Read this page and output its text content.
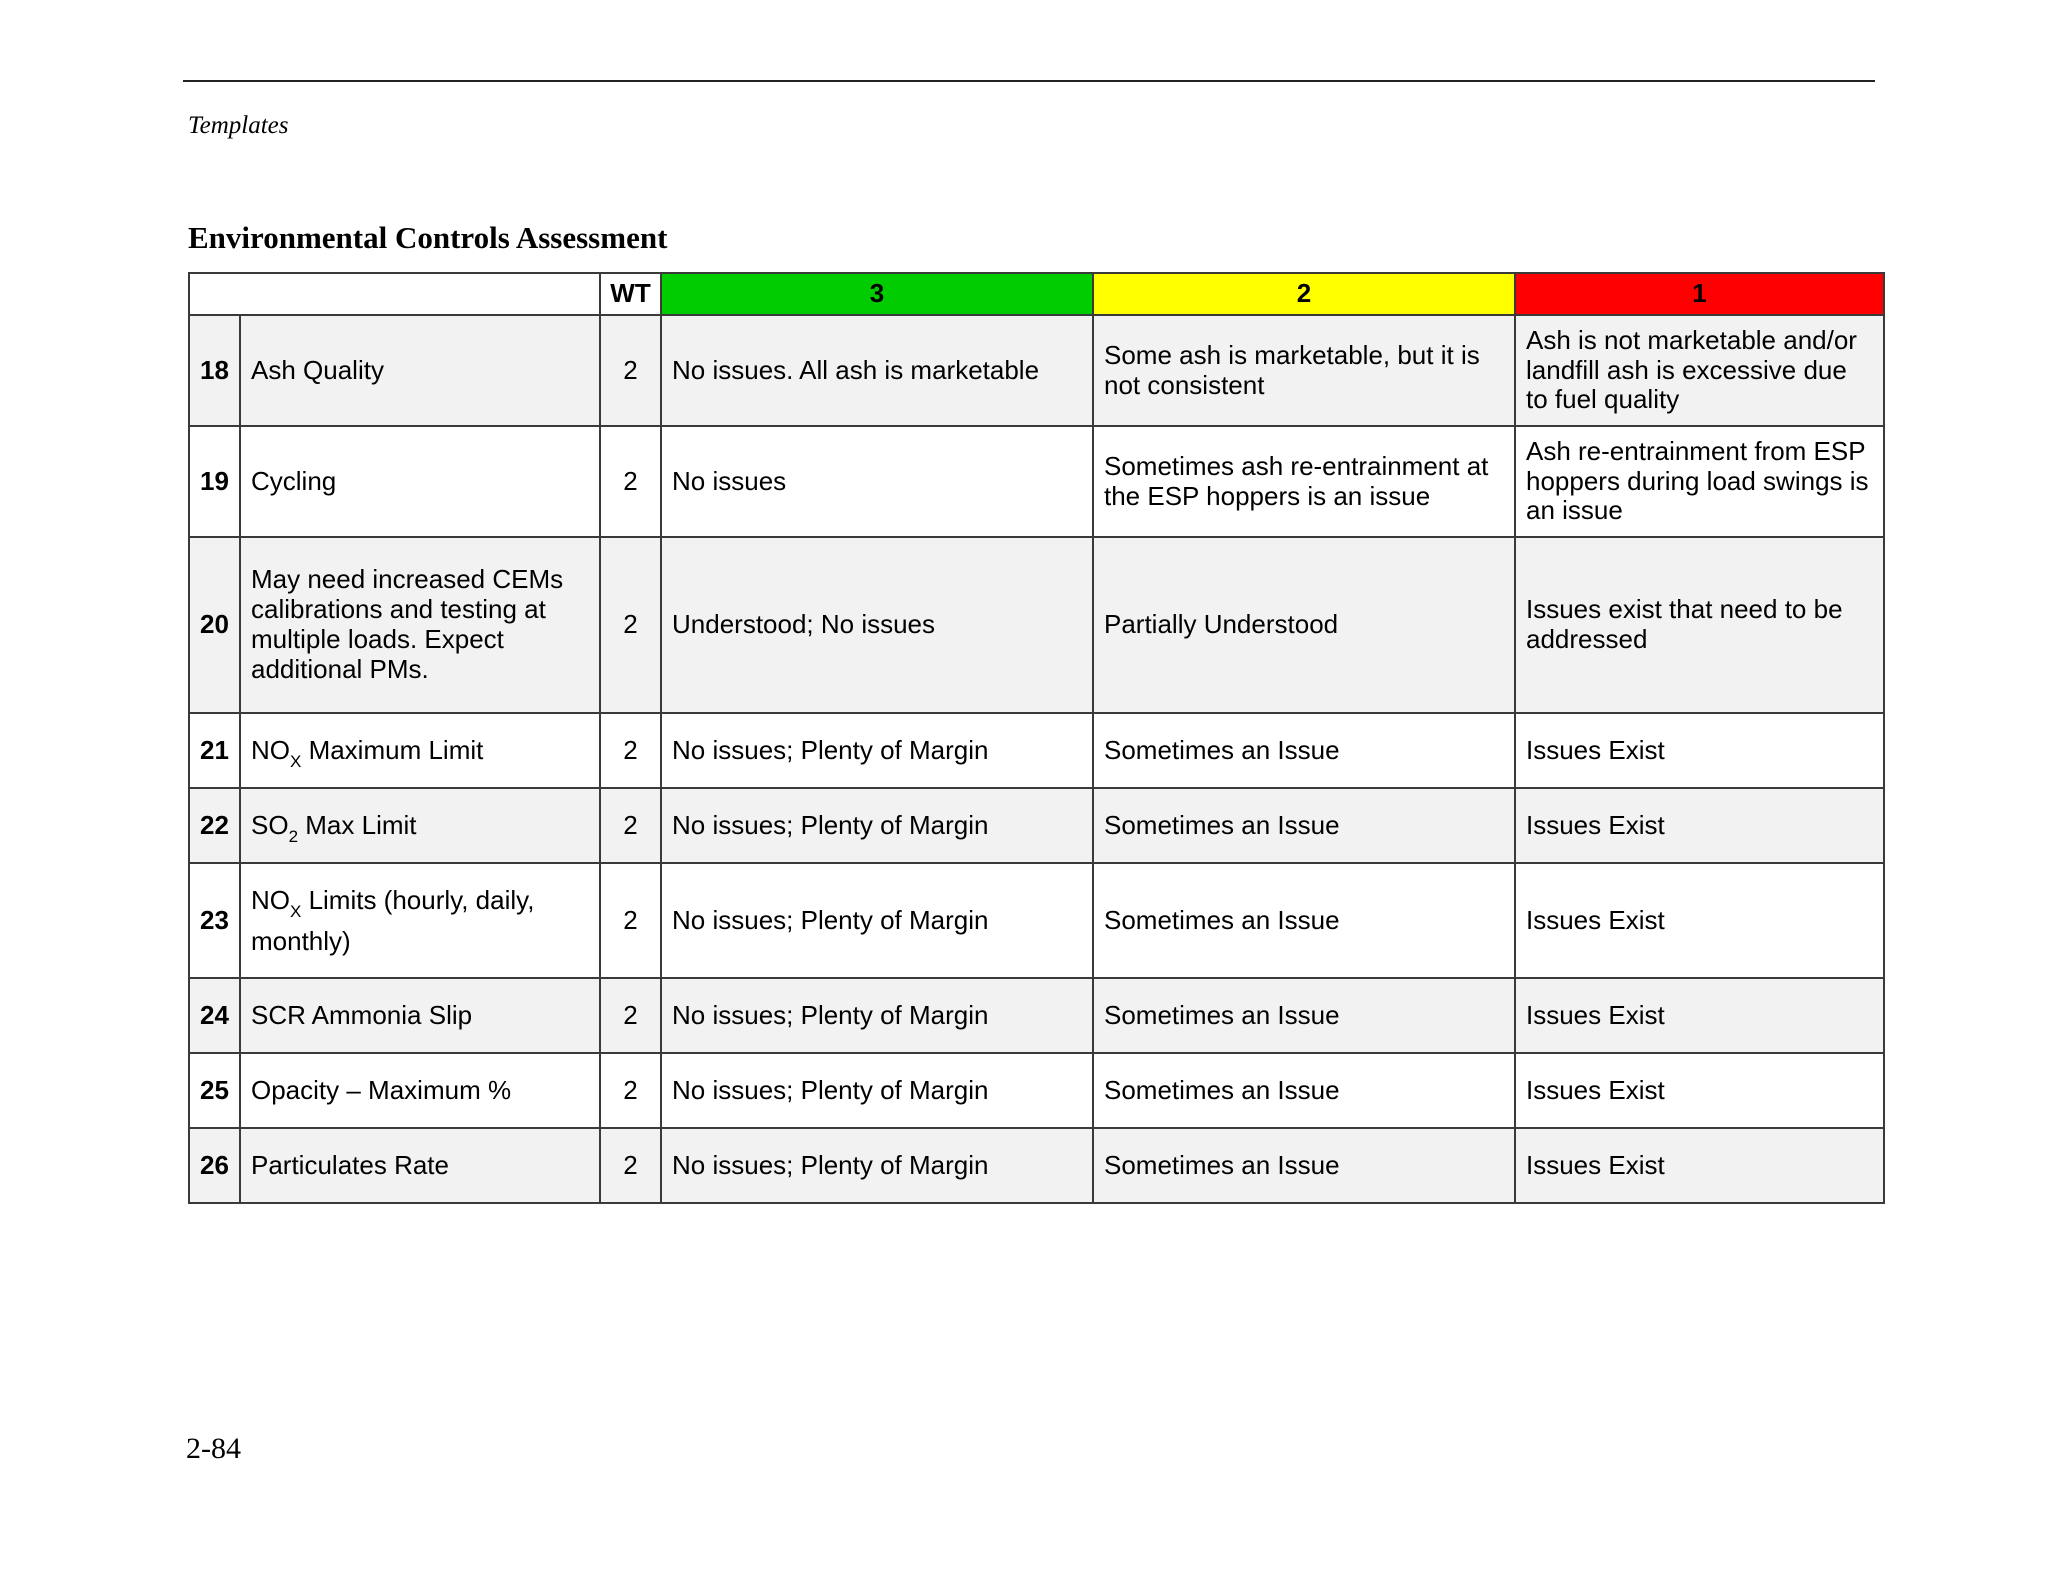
Templates
Environmental Controls Assessment
		WT	3	2	1
18	Ash Quality	2	No issues. All ash is marketable	Some ash is marketable, but it is not consistent	Ash is not marketable and/or landfill ash is excessive due to fuel quality
19	Cycling	2	No issues	Sometimes ash re-entrainment at the ESP hoppers is an issue	Ash re-entrainment from ESP hoppers during load swings is an issue
20	May need increased CEMs calibrations and testing at multiple loads. Expect additional PMs.	2	Understood; No issues	Partially Understood	Issues exist that need to be addressed
21	$NO_X$ Maximum Limit	2	No issues; Plenty of Margin	Sometimes an Issue	Issues Exist
22	$SO_2$ Max Limit	2	No issues; Plenty of Margin	Sometimes an Issue	Issues Exist
23	$NO_X$ Limits (hourly, daily, monthly)	2	No issues; Plenty of Margin	Sometimes an Issue	Issues Exist
24	SCR Ammonia Slip	2	No issues; Plenty of Margin	Sometimes an Issue	Issues Exist
25	Opacity – Maximum %	2	No issues; Plenty of Margin	Sometimes an Issue	Issues Exist
26	Particulates Rate	2	No issues; Plenty of Margin	Sometimes an Issue	Issues Exist
2-84
